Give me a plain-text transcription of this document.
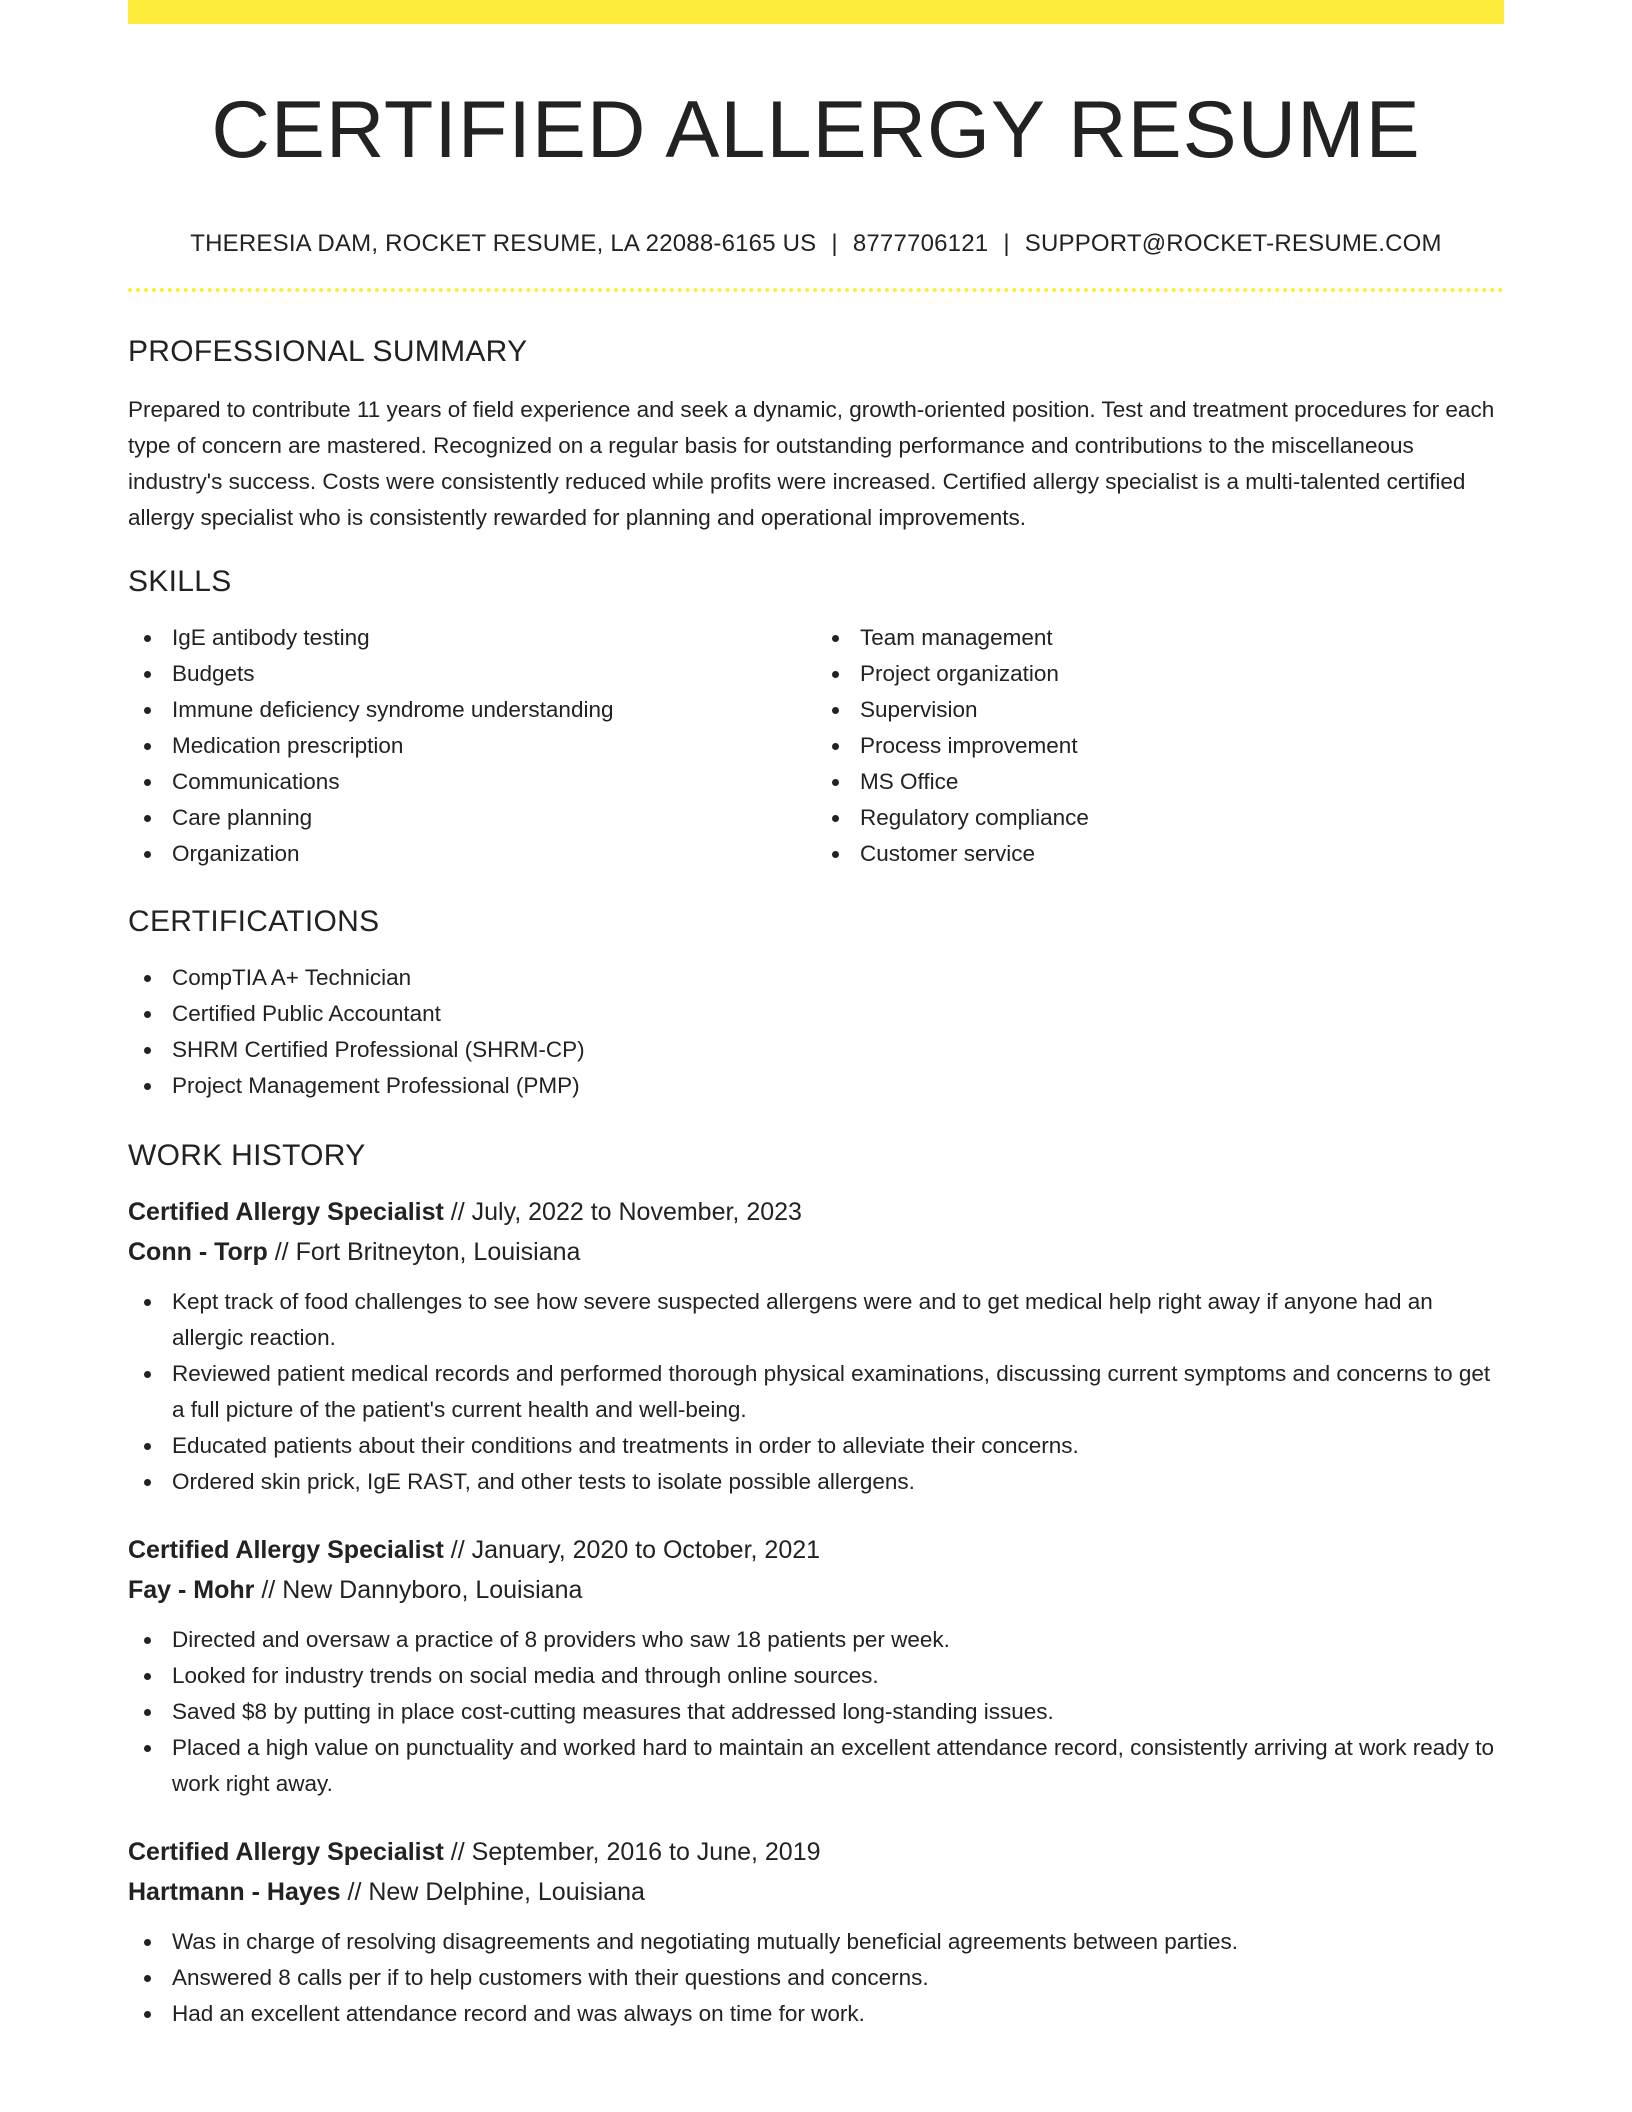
CERTIFIED ALLERGY RESUME
THERESIA DAM, ROCKET RESUME, LA 22088-6165 US | 8777706121 | SUPPORT@ROCKET-RESUME.COM
PROFESSIONAL SUMMARY

Prepared to contribute 11 years of field experience and seek a dynamic, growth-oriented position. Test and treatment procedures for each type of concern are mastered. Recognized on a regular basis for outstanding performance and contributions to the miscellaneous industry's success. Costs were consistently reduced while profits were increased. Certified allergy specialist is a multi-talented certified allergy specialist who is consistently rewarded for planning and operational improvements.

SKILLS
IgE antibody testing
Budgets
Immune deficiency syndrome understanding
Medication prescription
Communications
Care planning
Organization
Team management
Project organization
Supervision
Process improvement
MS Office
Regulatory compliance
Customer service
CERTIFICATIONS
CompTIA A+ Technician
Certified Public Accountant
SHRM Certified Professional (SHRM-CP)
Project Management Professional (PMP)
WORK HISTORY
Certified Allergy Specialist // July, 2022 to November, 2023
Conn - Torp // Fort Britneyton, Louisiana
Kept track of food challenges to see how severe suspected allergens were and to get medical help right away if anyone had an allergic reaction.
Reviewed patient medical records and performed thorough physical examinations, discussing current symptoms and concerns to get a full picture of the patient's current health and well-being.
Educated patients about their conditions and treatments in order to alleviate their concerns.
Ordered skin prick, IgE RAST, and other tests to isolate possible allergens.
Certified Allergy Specialist // January, 2020 to October, 2021
Fay - Mohr // New Dannyboro, Louisiana
Directed and oversaw a practice of 8 providers who saw 18 patients per week.
Looked for industry trends on social media and through online sources.
Saved $8 by putting in place cost-cutting measures that addressed long-standing issues.
Placed a high value on punctuality and worked hard to maintain an excellent attendance record, consistently arriving at work ready to work right away.
Certified Allergy Specialist // September, 2016 to June, 2019
Hartmann - Hayes // New Delphine, Louisiana
Was in charge of resolving disagreements and negotiating mutually beneficial agreements between parties.
Answered 8 calls per if to help customers with their questions and concerns.
Had an excellent attendance record and was always on time for work.
